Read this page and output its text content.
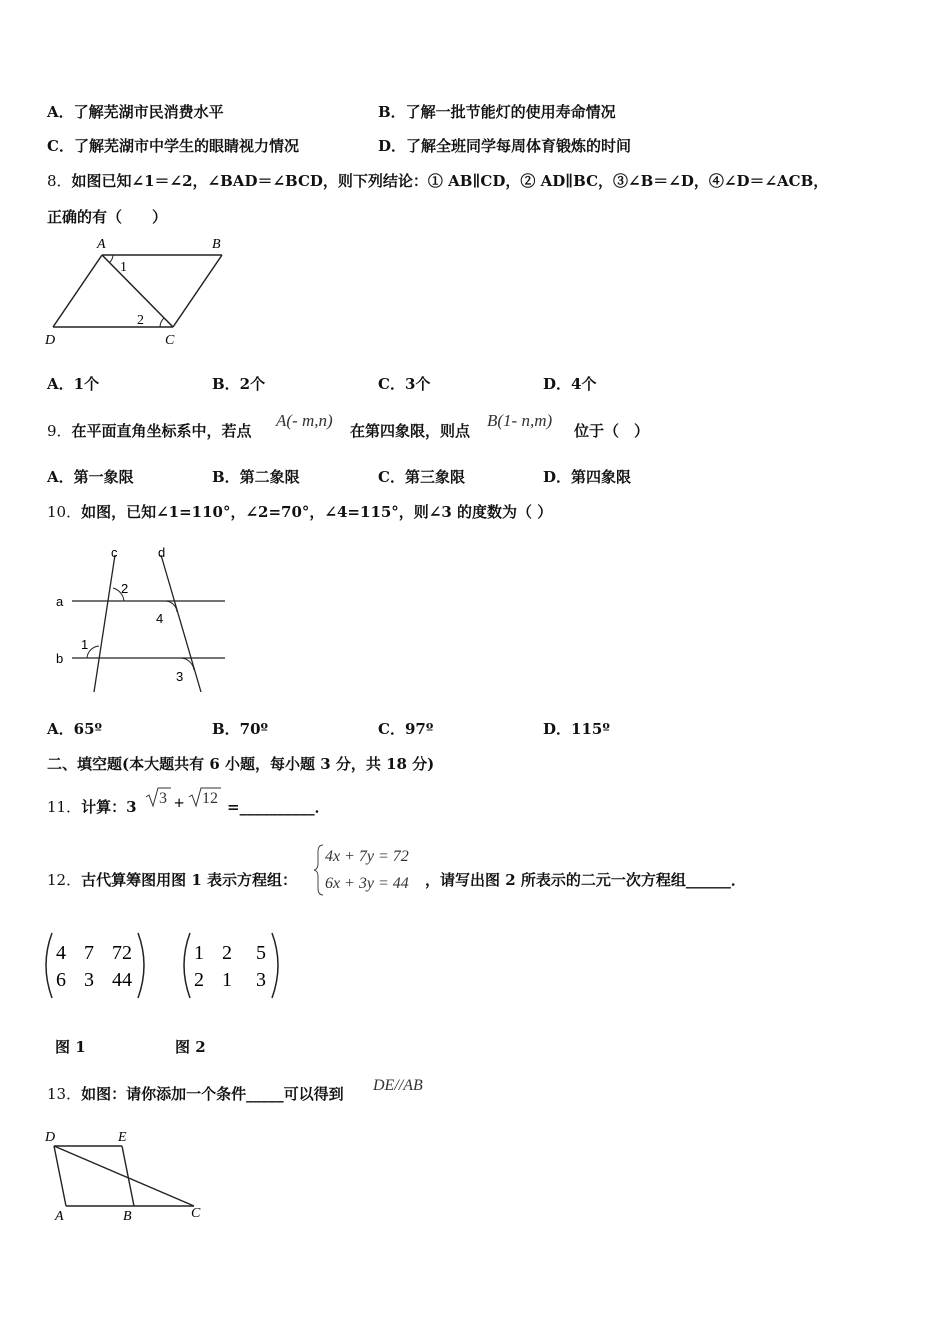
A．了解芜湖市民消费水平	B．了解一批节能灯的使用寿命情况
C．了解芜湖市中学生的眼睛视力情况	D．了解全班同学每周体育锻炼的时间
8．如图已知∠1＝∠2，∠BAD＝∠BCD，则下列结论：① AB∥CD，② AD∥BC，③∠B＝∠D，④∠D＝∠ACB，
正确的有（　　）
A	B
D	C
1
2
A．1个	B．2个	C．3个	D．4个
9．在平面直角坐标系中，若点
A(- m,n)
在第四象限，则点
B(1- n,m)
位于（　）
A．第一象限	B．第二象限	C．第三象限	D．第四象限
10．如图，已知∠1=110°，∠2=70°，∠4=115°，则∠3 的度数为（ ）
a
b
c	d
2
1
4
3
A．65º	B．70º	C．97º	D．115º
二、填空题(本大题共有 6 小题，每小题 3 分，共 18 分)
11．计算：3 3 + 12 =__________．
12．古代算筹图用图 1 表示方程组：
4x + 7y = 72
6x + 3y = 44 ，请写出图 2 所表示的二元一次方程组______．
4 7 72
6 3 44
1 2 5
2 1 3
图 1	图 2
13．如图：请你添加一个条件_____可以得到 DE//AB
D	E
A	B	C
